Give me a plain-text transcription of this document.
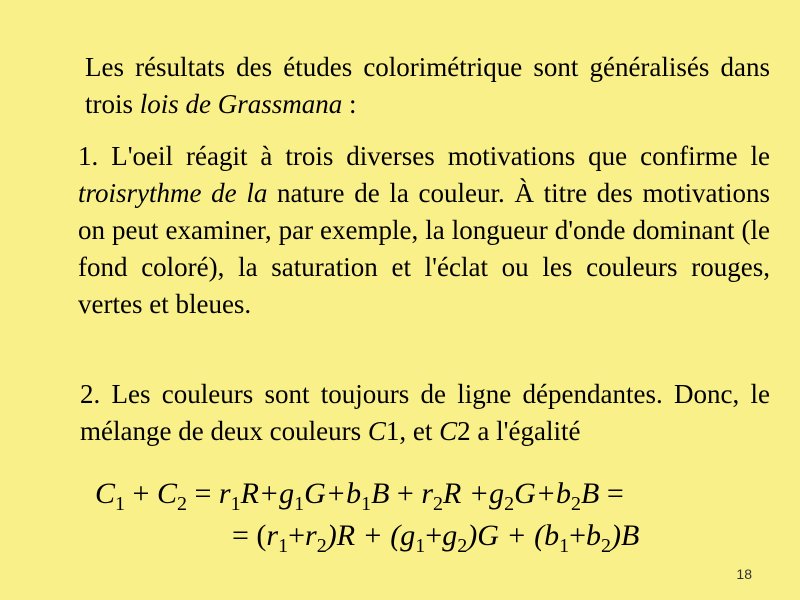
Les résultats des études colorimétrique sont généralisés dans trois lois de Grassmana :

1. L'oeil réagit à trois diverses motivations que confirme le troisrythme de la nature de la couleur. À titre des motivations on peut examiner, par exemple, la longueur d'onde dominant (le fond coloré), la saturation et l'éclat ou les couleurs rouges, vertes et bleues.

2. Les couleurs sont toujours de ligne dépendantes. Donc, le mélange de deux couleurs C1, et C2 a l'égalité

$C_1 + C_2 = r_1R+g_1G+b_1B + r_2R +g_2G+b_2B$ =
= $(r_1+r_2)R + (g_1+g_2)G + (b_1+b_2)B$
18
